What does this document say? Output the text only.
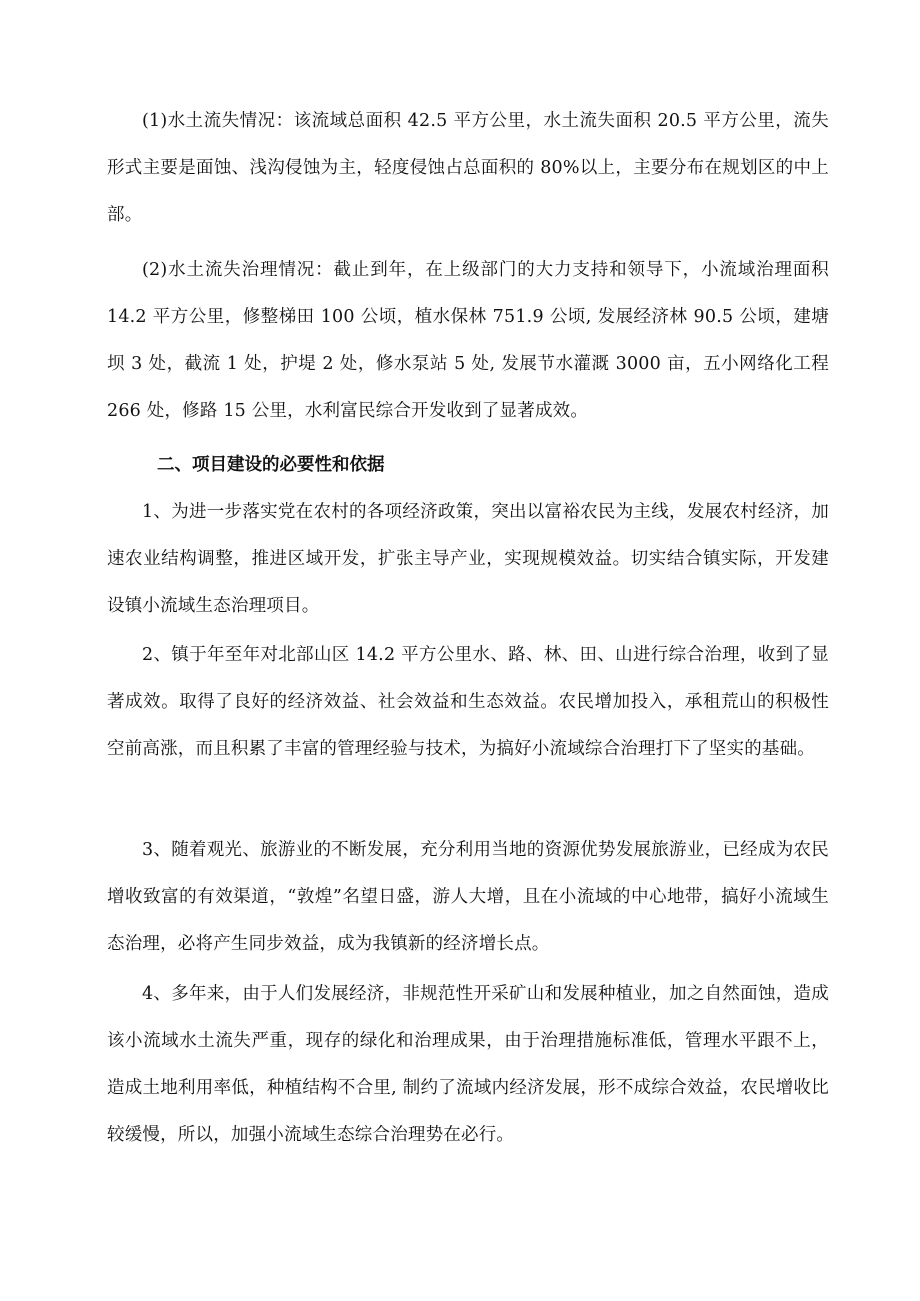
(1)水土流失情况：该流域总面积 42.5 平方公里，水土流失面积 20.5 平方公里，流失形式主要是面蚀、浅沟侵蚀为主，轻度侵蚀占总面积的 80%以上，主要分布在规划区的中上部。

(2)水土流失治理情况：截止到年，在上级部门的大力支持和领导下，小流域治理面积 14.2 平方公里，修整梯田 100 公顷，植水保林 751.9 公顷, 发展经济林 90.5 公顷，建塘坝 3 处，截流 1 处，护堤 2 处，修水泵站 5 处, 发展节水灌溉 3000 亩，五小网络化工程 266 处，修路 15 公里，水利富民综合开发收到了显著成效。

二、项目建设的必要性和依据

1、为进一步落实党在农村的各项经济政策，突出以富裕农民为主线，发展农村经济，加速农业结构调整，推进区域开发，扩张主导产业，实现规模效益。切实结合镇实际，开发建设镇小流域生态治理项目。

2、镇于年至年对北部山区 14.2 平方公里水、路、林、田、山进行综合治理，收到了显著成效。取得了良好的经济效益、社会效益和生态效益。农民增加投入，承租荒山的积极性空前高涨，而且积累了丰富的管理经验与技术，为搞好小流域综合治理打下了坚实的基础。

3、随着观光、旅游业的不断发展，充分利用当地的资源优势发展旅游业，已经成为农民增收致富的有效渠道，“敦煌”名望日盛，游人大增，且在小流域的中心地带，搞好小流域生态治理，必将产生同步效益，成为我镇新的经济增长点。

4、多年来，由于人们发展经济，非规范性开采矿山和发展种植业，加之自然面蚀，造成该小流域水土流失严重，现存的绿化和治理成果，由于治理措施标准低，管理水平跟不上，造成土地利用率低，种植结构不合里, 制约了流域内经济发展，形不成综合效益，农民增收比较缓慢，所以，加强小流域生态综合治理势在必行。
